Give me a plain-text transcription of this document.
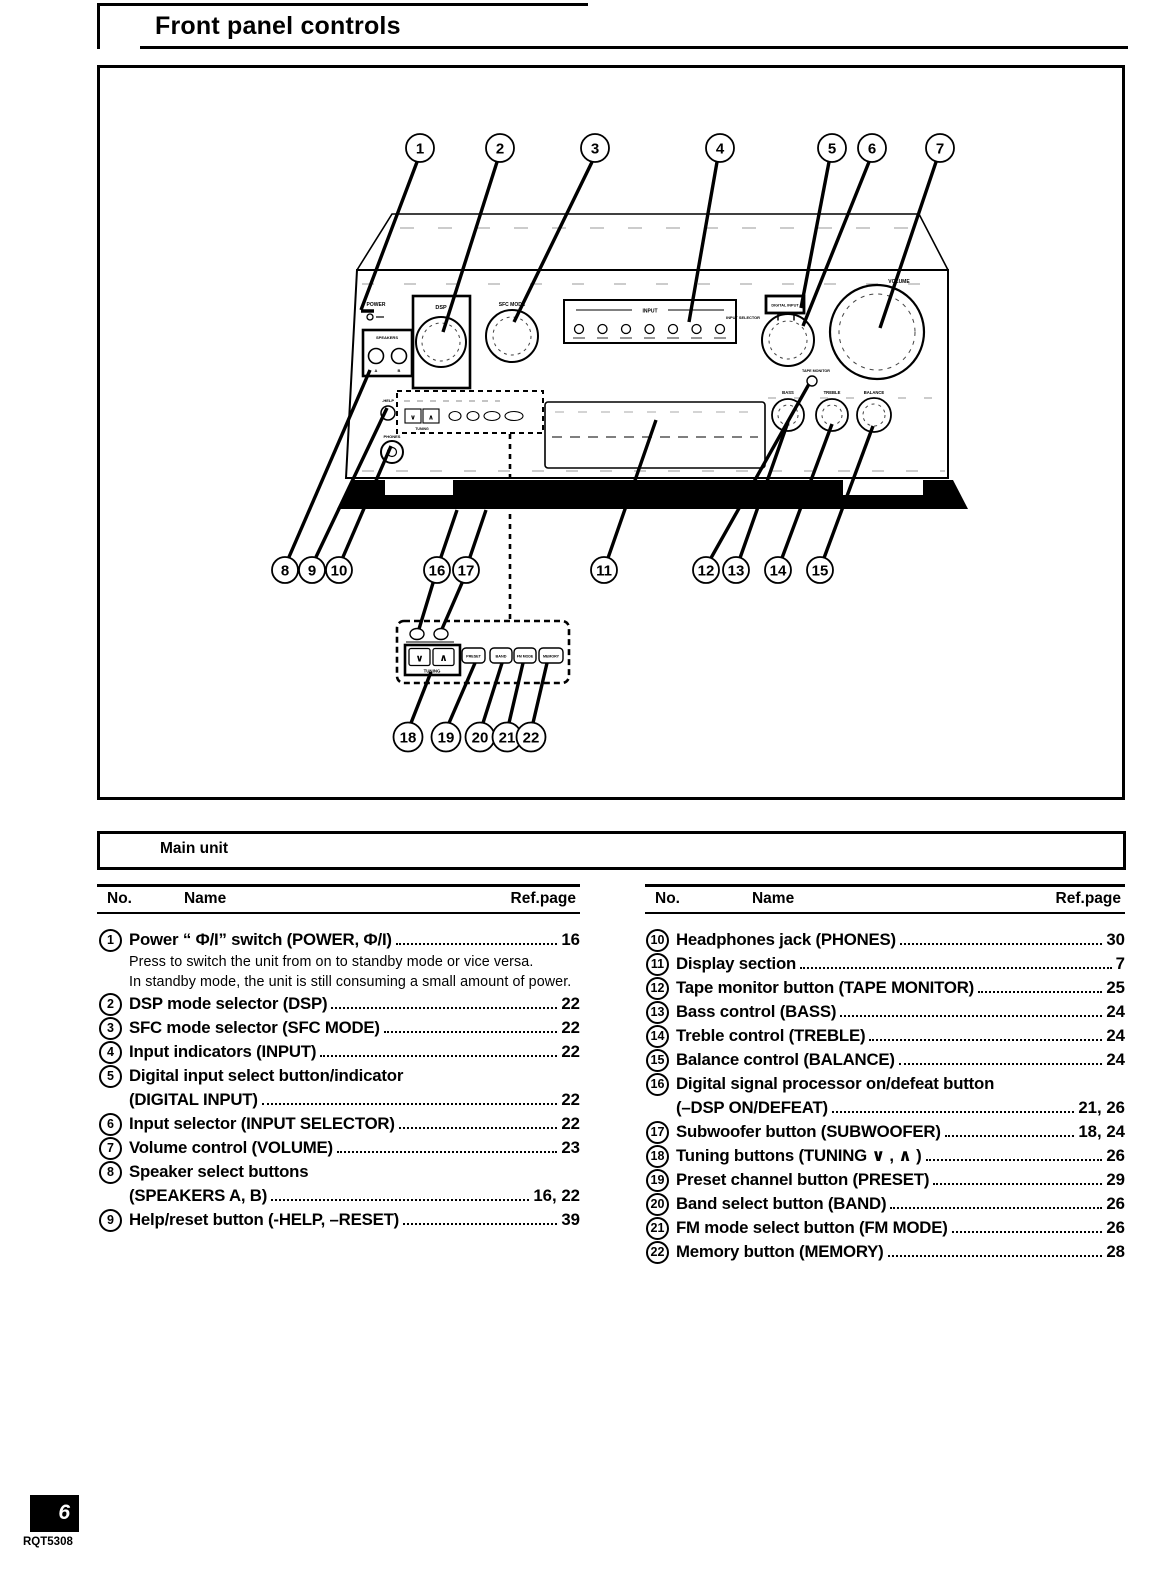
Front panel controls
POWER	DSP	SFC MODE
INPUT
DIGITAL INPUT
INPUT SELECTOR
VOLUME
SPEAKERS
A	B
-HELP
PHONES
∨ ∧
TUNING
TAPE MONITOR
BASS	TREBLE	BALANCE
∨ ∧
TUNING
PRESET	BAND	FM MODE	MEMORY
1	2	3	4	5 6	7
8 9 10	16 17	11	12 13 14 15
18 19 20 21 22
Main unit
No.	Name	Ref.page	No.	Name	Ref.page
1 Power “ Ф/I” switch (POWER, Ф/I)	16
Press to switch the unit from on to standby mode or vice versa.
In standby mode, the unit is still consuming a small amount of power.
2 DSP mode selector (DSP)	22
3 SFC mode selector (SFC MODE)	22
4 Input indicators (INPUT)	22
5 Digital input select button/indicator
(DIGITAL INPUT)	22
6 Input selector (INPUT SELECTOR)	22
7 Volume control (VOLUME)	23
8 Speaker select buttons
(SPEAKERS A, B)	16, 22
9 Help/reset button (-HELP, –RESET)	39
10 Headphones jack (PHONES)	30
11 Display section	7
12 Tape monitor button (TAPE MONITOR)	25
13 Bass control (BASS)	24
14 Treble control (TREBLE)	24
15 Balance control (BALANCE)	24
16 Digital signal processor on/defeat button
(–DSP ON/DEFEAT)	21, 26
17 Subwoofer button (SUBWOOFER)	18, 24
18 Tuning buttons (TUNING ∨ , ∧ )	26
19 Preset channel button (PRESET)	29
20 Band select button (BAND)	26
21 FM mode select button (FM MODE)	26
22 Memory button (MEMORY)	28
6
RQT5308
